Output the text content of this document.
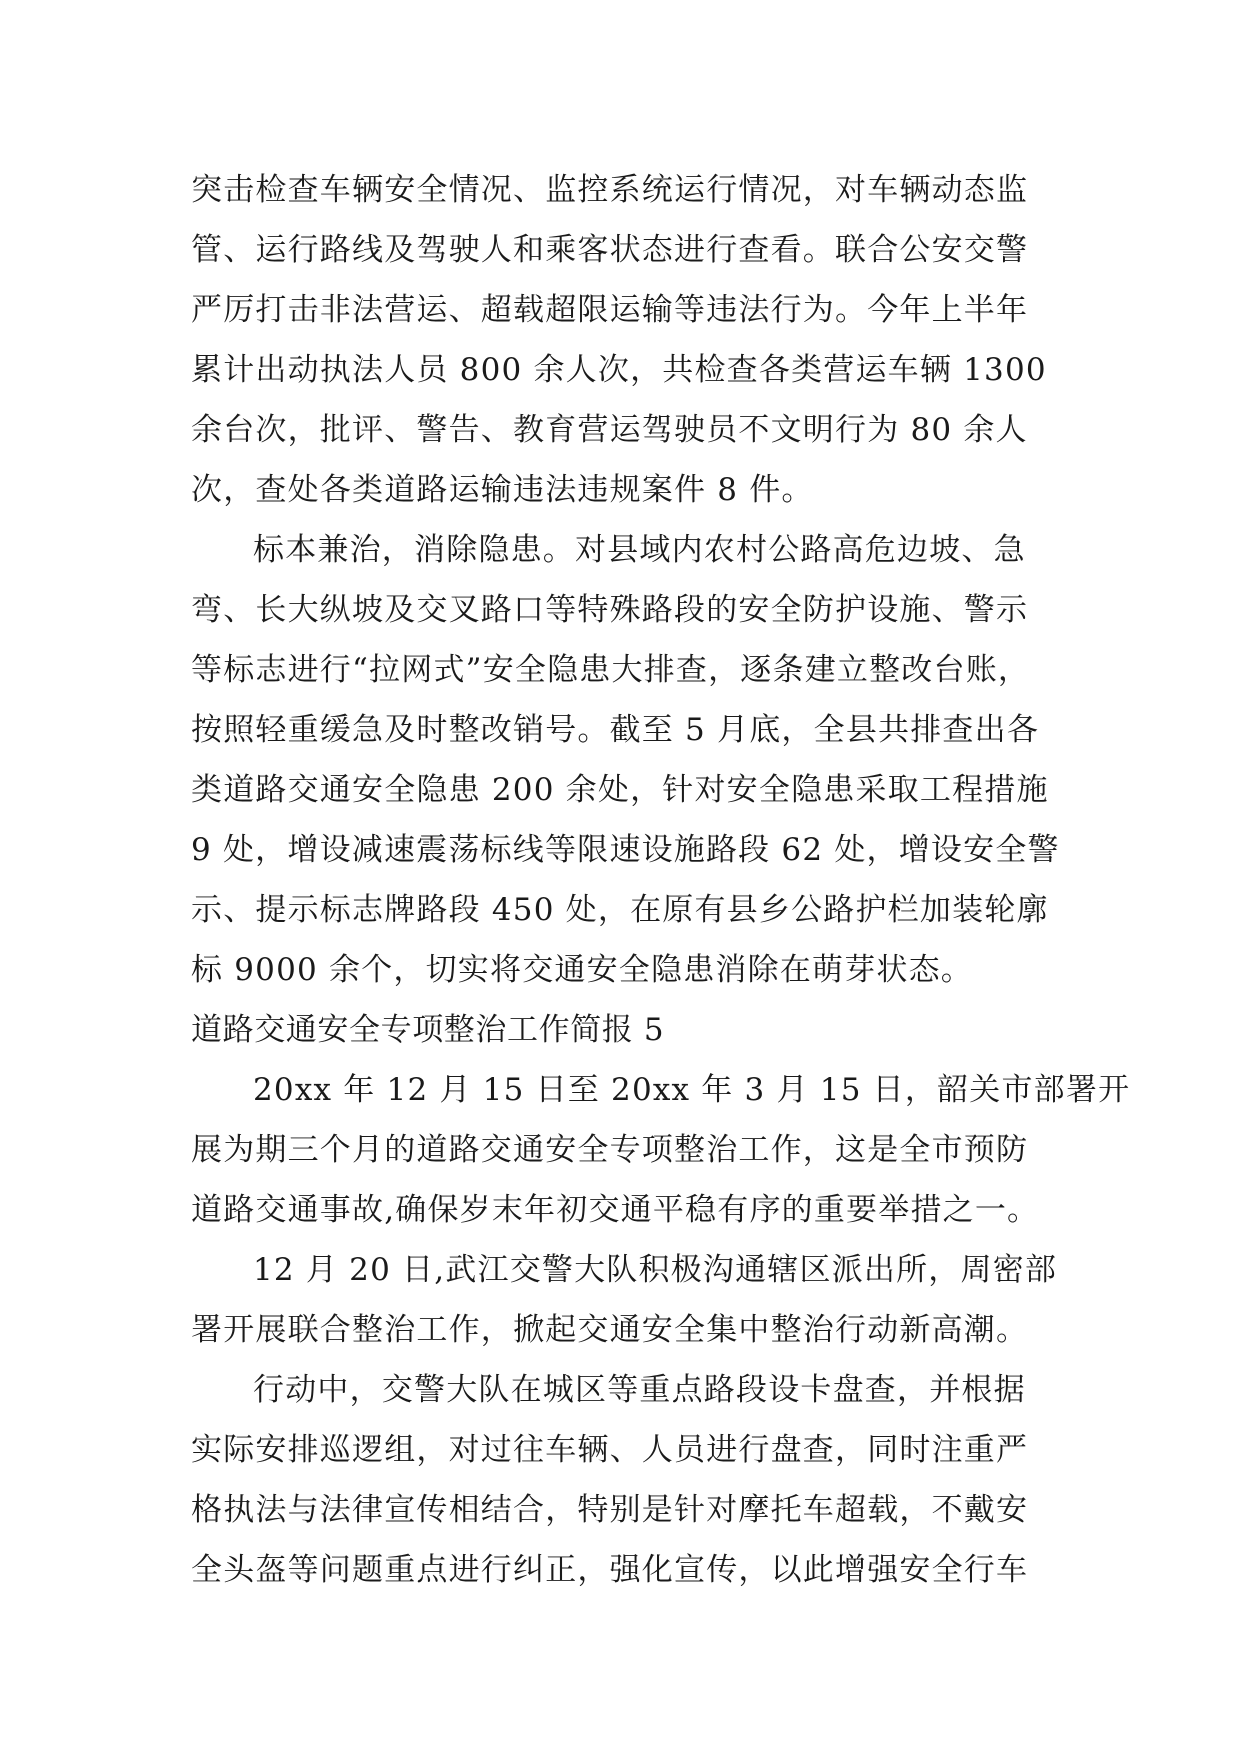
突击检查车辆安全情况、监控系统运行情况，对车辆动态监
管、运行路线及驾驶人和乘客状态进行查看。联合公安交警
严厉打击非法营运、超载超限运输等违法行为。今年上半年
累计出动执法人员 800 余人次，共检查各类营运车辆 1300
余台次，批评、警告、教育营运驾驶员不文明行为 80 余人
次，查处各类道路运输违法违规案件 8 件。
标本兼治，消除隐患。对县域内农村公路高危边坡、急
弯、长大纵坡及交叉路口等特殊路段的安全防护设施、警示
等标志进行“拉网式”安全隐患大排查，逐条建立整改台账，
按照轻重缓急及时整改销号。截至 5 月底，全县共排查出各
类道路交通安全隐患 200 余处，针对安全隐患采取工程措施
9 处，增设减速震荡标线等限速设施路段 62 处，增设安全警
示、提示标志牌路段 450 处，在原有县乡公路护栏加装轮廓
标 9000 余个，切实将交通安全隐患消除在萌芽状态。
道路交通安全专项整治工作简报 5
20xx 年 12 月 15 日至 20xx 年 3 月 15 日，韶关市部署开
展为期三个月的道路交通安全专项整治工作，这是全市预防
道路交通事故,确保岁末年初交通平稳有序的重要举措之一。
12 月 20 日,武江交警大队积极沟通辖区派出所，周密部
署开展联合整治工作，掀起交通安全集中整治行动新高潮。
行动中，交警大队在城区等重点路段设卡盘查，并根据
实际安排巡逻组，对过往车辆、人员进行盘查，同时注重严
格执法与法律宣传相结合，特别是针对摩托车超载，不戴安
全头盔等问题重点进行纠正，强化宣传，以此增强安全行车
